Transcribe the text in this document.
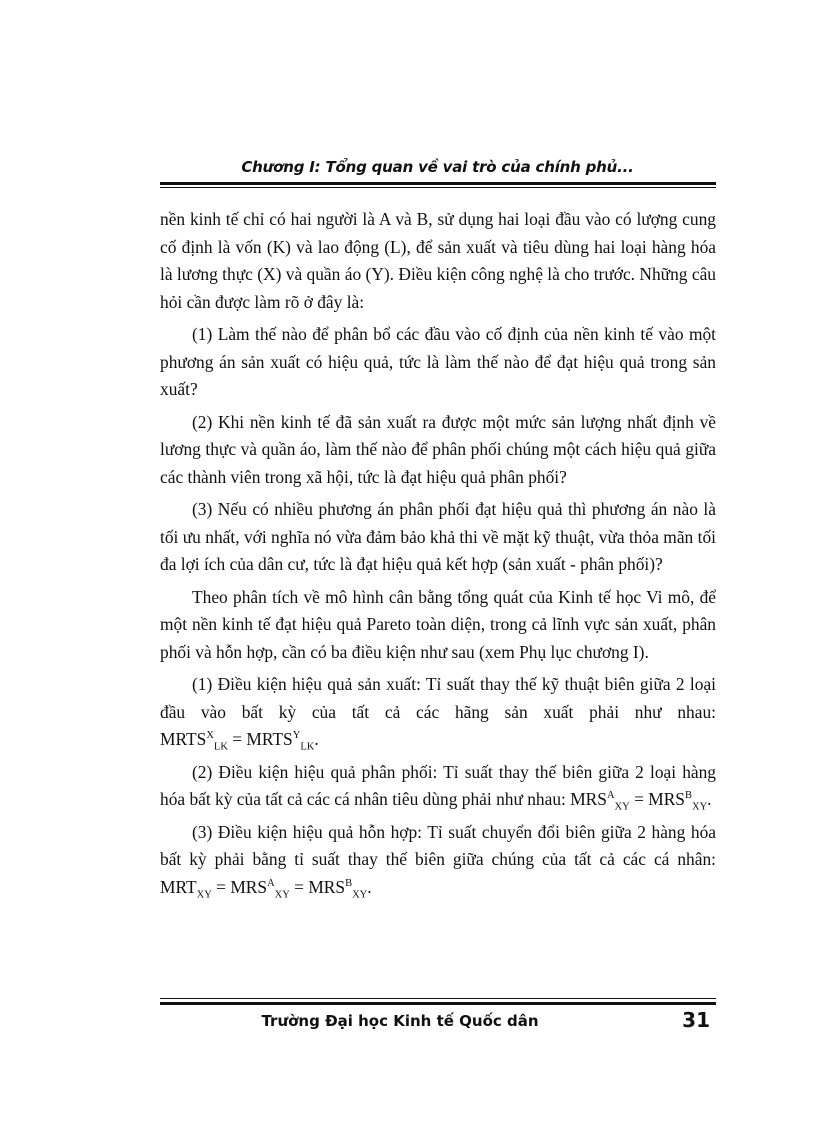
Chương I: Tổng quan về vai trò của chính phủ...

nền kinh tế chỉ có hai người là A và B, sử dụng hai loại đầu vào có lượng cung cố định là vốn (K) và lao động (L), để sản xuất và tiêu dùng hai loại hàng hóa là lương thực (X) và quần áo (Y). Điều kiện công nghệ là cho trước. Những câu hỏi cần được làm rõ ở đây là:

(1) Làm thế nào để phân bổ các đầu vào cố định của nền kinh tế vào một phương án sản xuất có hiệu quả, tức là làm thế nào để đạt hiệu quả trong sản xuất?

(2) Khi nền kinh tế đã sản xuất ra được một mức sản lượng nhất định về lương thực và quần áo, làm thế nào để phân phối chúng một cách hiệu quả giữa các thành viên trong xã hội, tức là đạt hiệu quả phân phối?

(3) Nếu có nhiều phương án phân phối đạt hiệu quả thì phương án nào là tối ưu nhất, với nghĩa nó vừa đảm bảo khả thi về mặt kỹ thuật, vừa thỏa mãn tối đa lợi ích của dân cư, tức là đạt hiệu quả kết hợp (sản xuất - phân phối)?

Theo phân tích về mô hình cân bằng tổng quát của Kinh tế học Vi mô, để một nền kinh tế đạt hiệu quả Pareto toàn diện, trong cả lĩnh vực sản xuất, phân phối và hỗn hợp, cần có ba điều kiện như sau (xem Phụ lục chương I).

(1) Điều kiện hiệu quả sản xuất: Tỉ suất thay thế kỹ thuật biên giữa 2 loại đầu vào bất kỳ của tất cả các hãng sản xuất phải như nhau: $MRTS^X_{LK}$ = $MRTS^Y_{LK}$.

(2) Điều kiện hiệu quả phân phối: Tỉ suất thay thế biên giữa 2 loại hàng hóa bất kỳ của tất cả các cá nhân tiêu dùng phải như nhau: $MRS^A_{XY} = MRS^B_{XY}$.

(3) Điều kiện hiệu quả hỗn hợp: Tỉ suất chuyển đổi biên giữa 2 hàng hóa bất kỳ phải bằng tỉ suất thay thế biên giữa chúng của tất cả các cá nhân: $MRT_{XY} = MRS^A_{XY} = MRS^B_{XY}$.

Trường Đại học Kinh tế Quốc dân	31
